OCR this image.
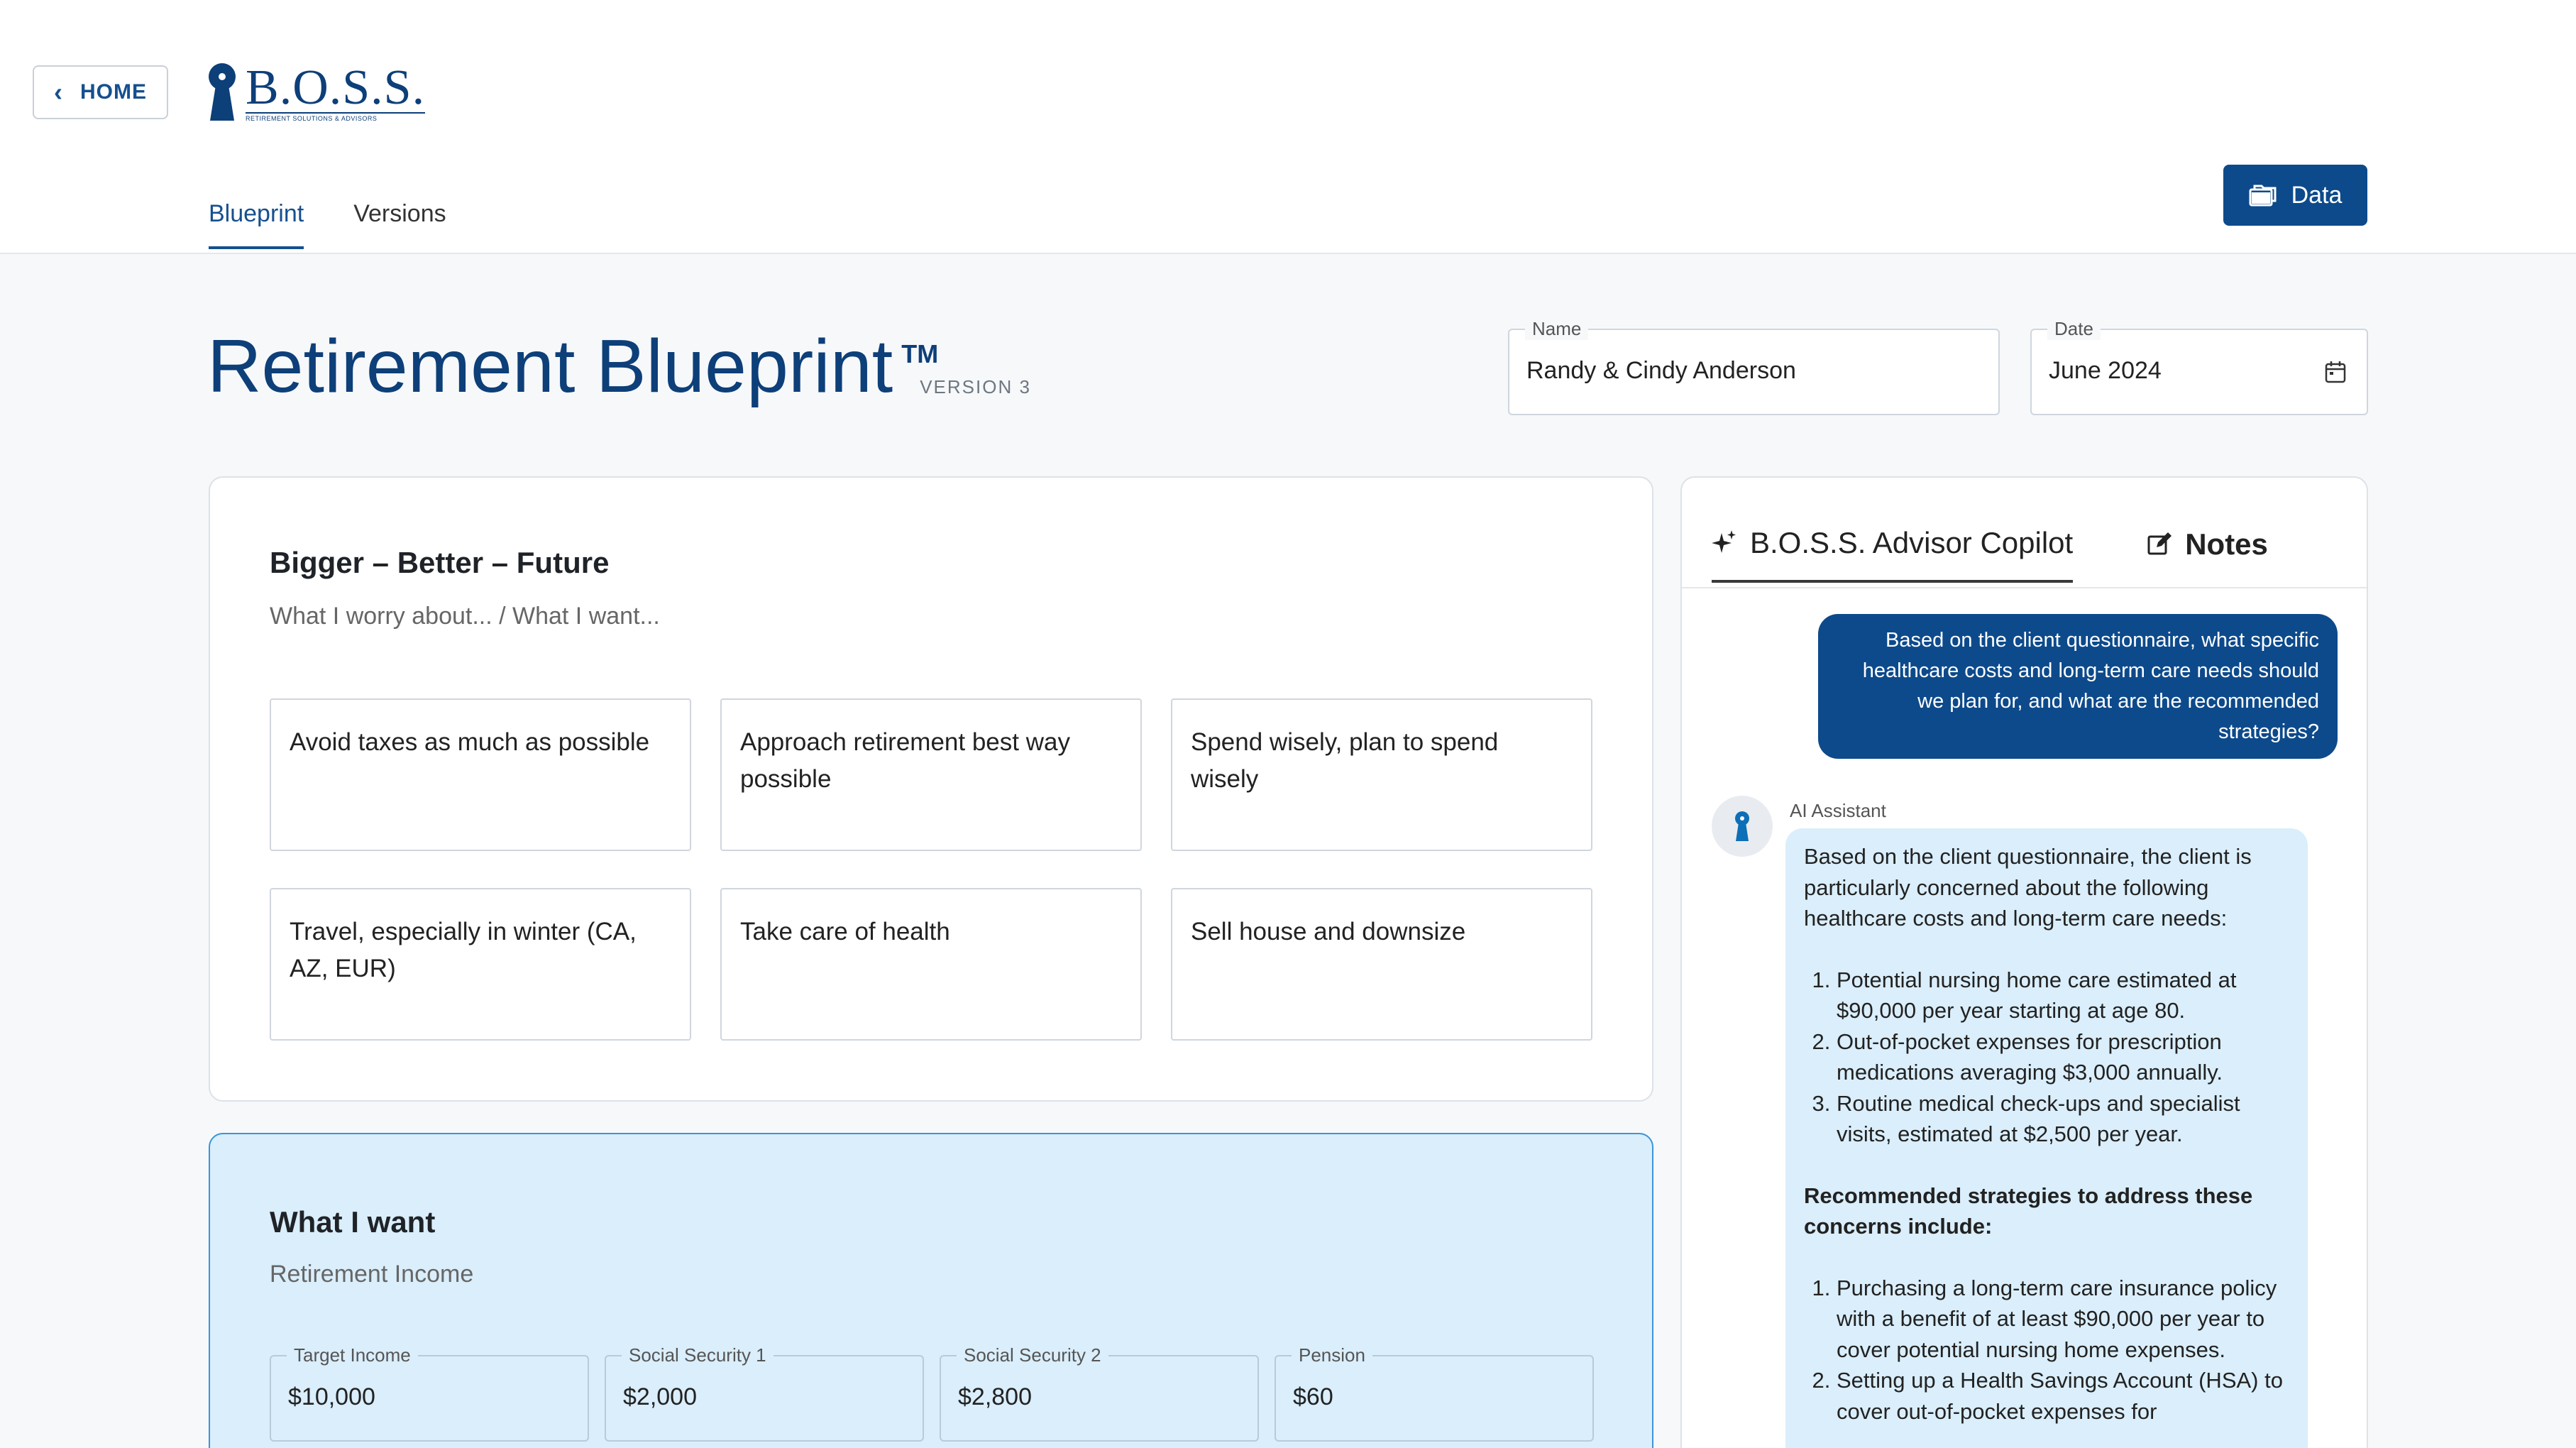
‹ HOME B.O.S.S.
RETIREMENT SOLUTIONS & ADVISORS
Blueprint Versions
Data
Retirement Blueprint TM
VERSION 3
Name
Randy & Cindy Anderson
Date
June 2024
Bigger – Better – Future
What I worry about... / What I want...
Avoid taxes as much as possible	Approach retirement best way possible
Spend wisely, plan to spend wisely
Travel, especially in winter (CA, AZ, EUR)
Take care of health	Sell house and downsize
What I want
Retirement Income
Target Income
$10,000
Social Security 1
$2,000
Social Security 2
$2,800
Pension
$60
B.O.S.S. Advisor Copilot	Notes
Based on the client questionnaire, what specific healthcare costs and long-term care needs should we plan for, and what are the recommended strategies?
AI Assistant

Based on the client questionnaire, the client is particularly concerned about the following healthcare costs and long-term care needs:

1. Potential nursing home care estimated at $90,000 per year starting at age 80.
2. Out-of-pocket expenses for prescription medications averaging $3,000 annually.
3. Routine medical check-ups and specialist visits, estimated at $2,500 per year.

Recommended strategies to address these concerns include:

1. Purchasing a long-term care insurance policy with a benefit of at least $90,000 per year to cover potential nursing home expenses.
2. Setting up a Health Savings Account (HSA) to cover out-of-pocket expenses for
